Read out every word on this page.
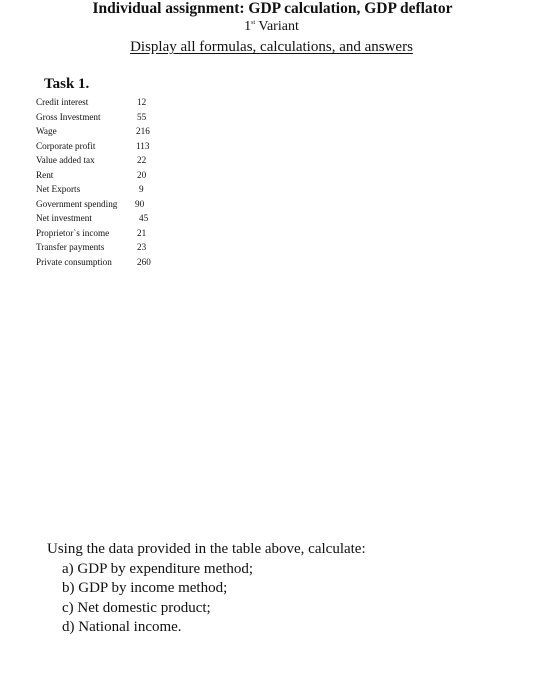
Individual assignment: GDP calculation, GDP deflator
1st Variant
Display all formulas, calculations, and answers
Task 1.
Credit interest	12
Gross Investment	55
Wage	216
Corporate profit	113
Value added tax	22
Rent	20
Net Exports	9
Government spending 90
Net investment	45
Proprietor`s income	21
Transfer payments	23
Private consumption	260
Using the data provided in the table above, calculate:
a) GDP by expenditure method;
b) GDP by income method;
c) Net domestic product;
d) National income.
